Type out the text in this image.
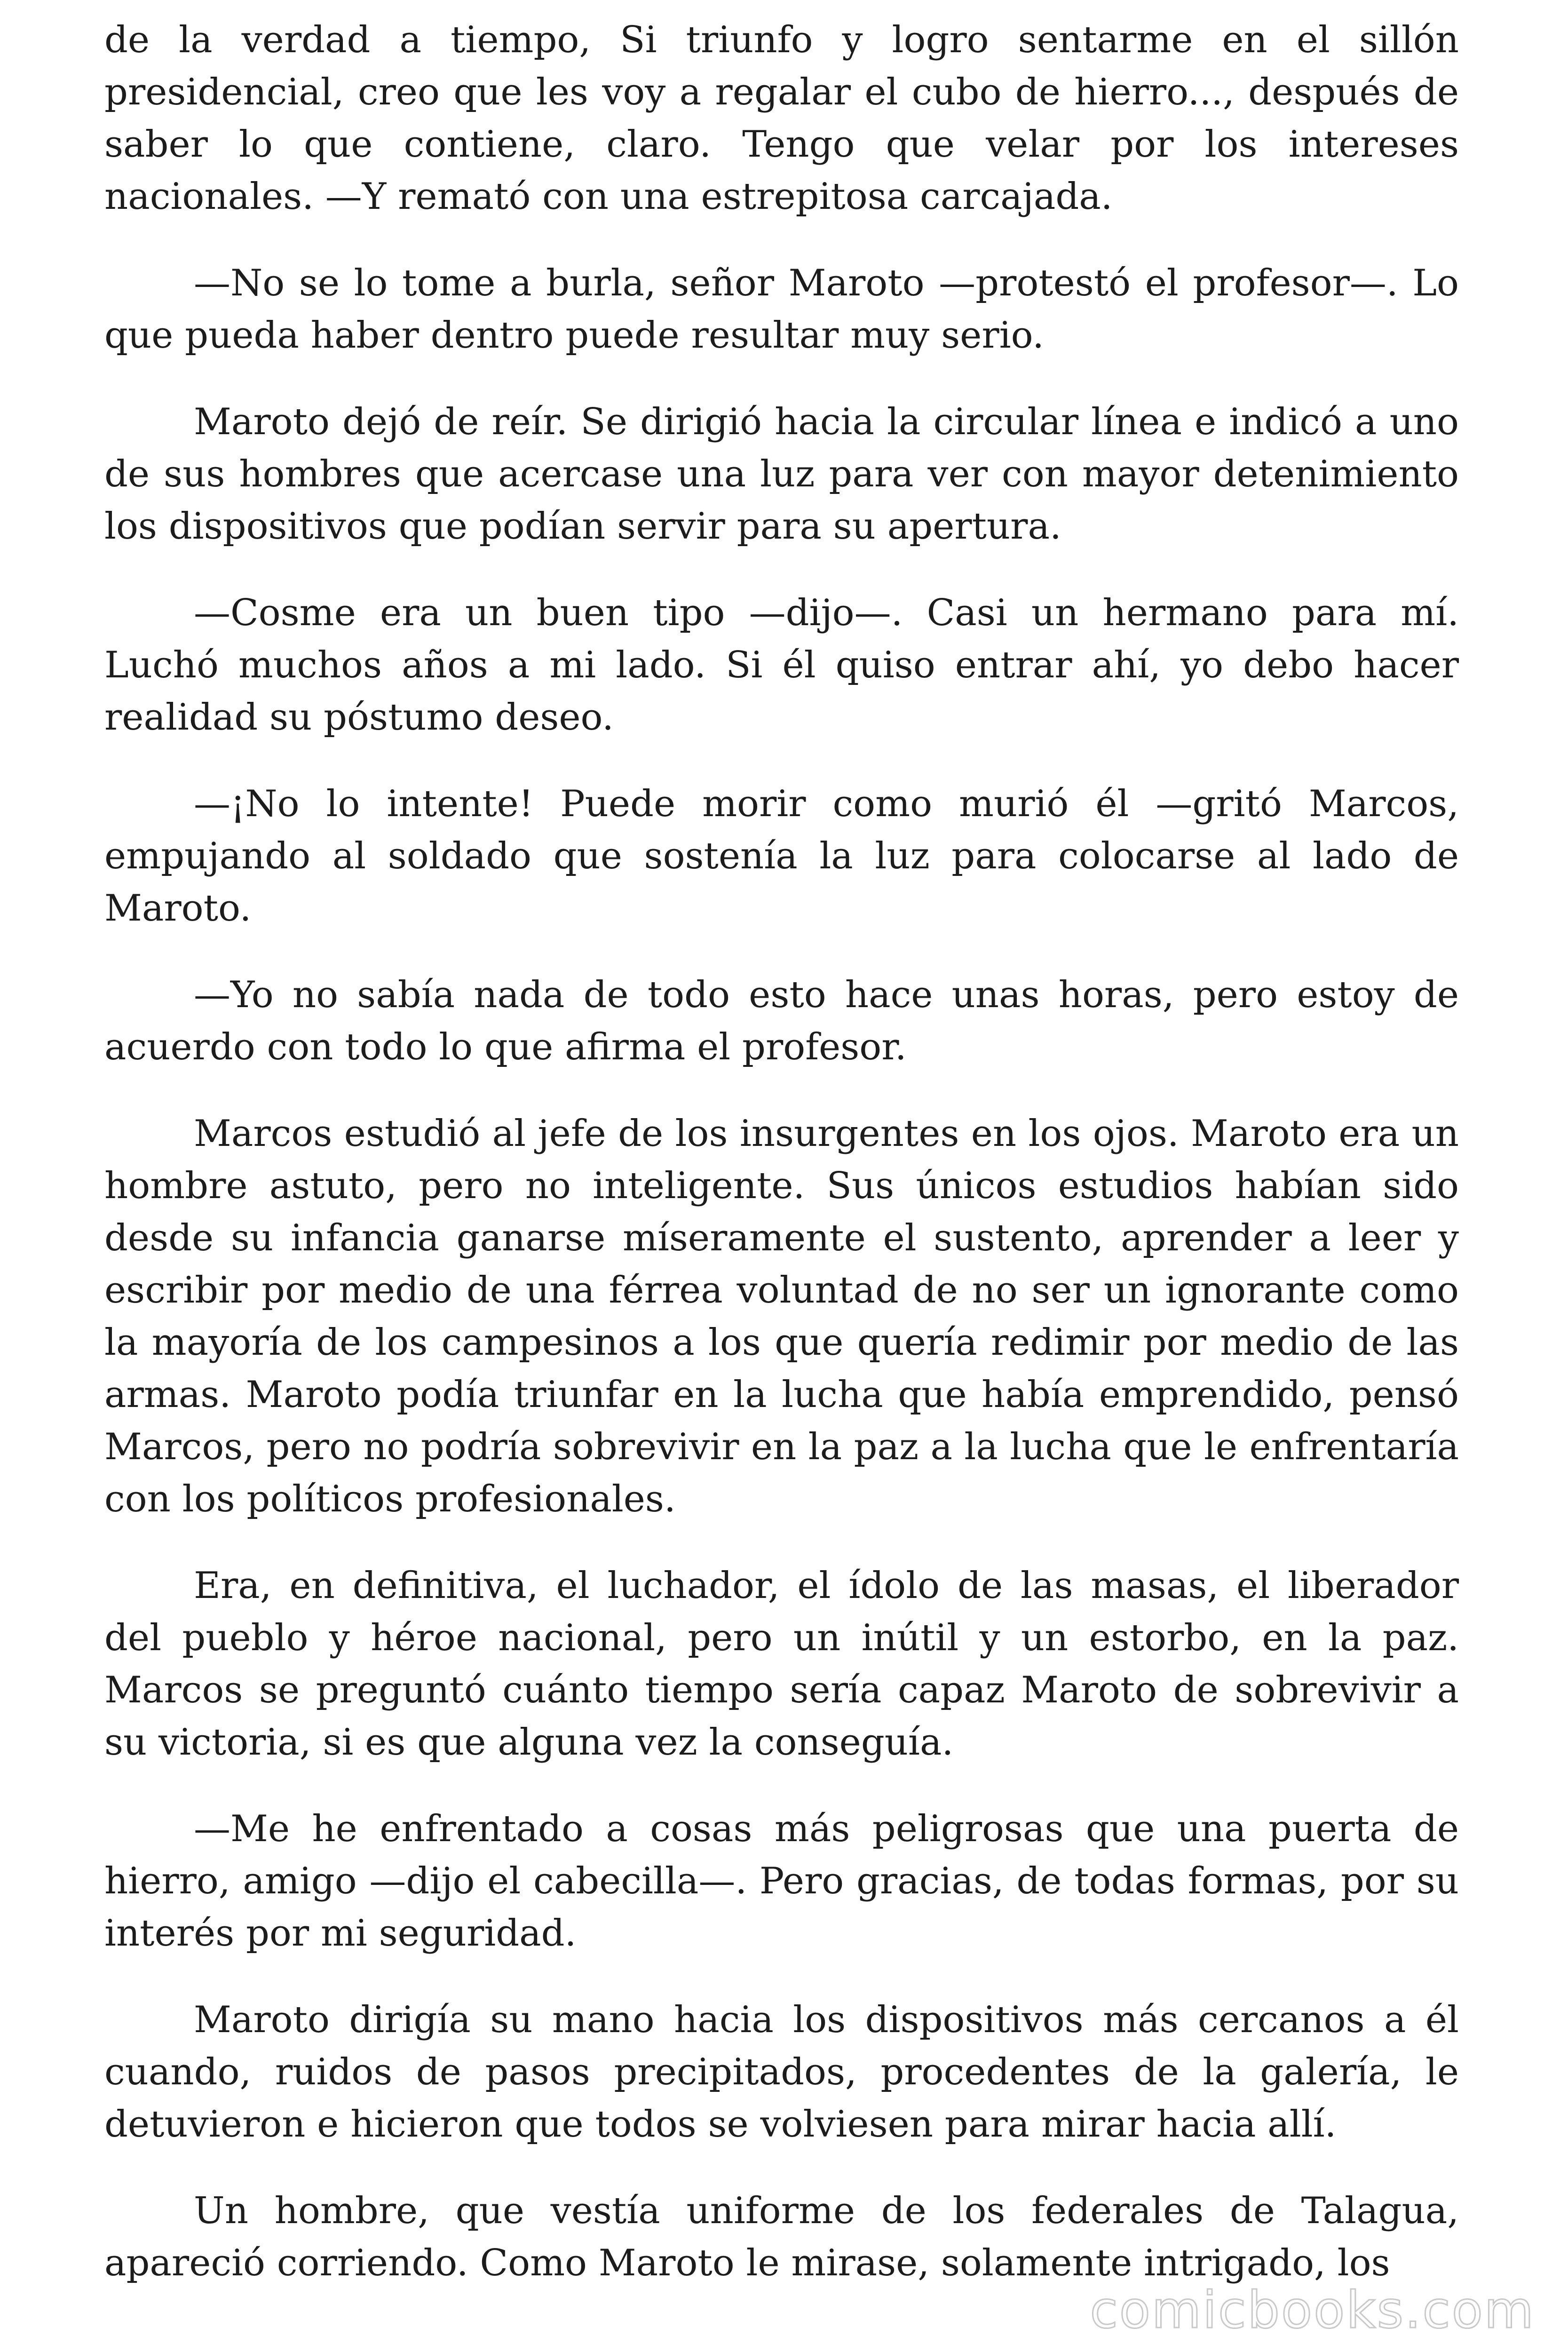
de la verdad a tiempo, Si triunfo y logro sentarme en el sillón presidencial, creo que les voy a regalar el cubo de hierro..., después de saber lo que contiene, claro. Tengo que velar por los intereses nacionales. —Y remató con una estrepitosa carcajada.

—No se lo tome a burla, señor Maroto —protestó el profesor—. Lo que pueda haber dentro puede resultar muy serio.

Maroto dejó de reír. Se dirigió hacia la circular línea e indicó a uno de sus hombres que acercase una luz para ver con mayor detenimiento los dispositivos que podían servir para su apertura.

—Cosme era un buen tipo —dijo—. Casi un hermano para mí. Luchó muchos años a mi lado. Si él quiso entrar ahí, yo debo hacer realidad su póstumo deseo.

—¡No lo intente! Puede morir como murió él —gritó Marcos, empujando al soldado que sostenía la luz para colocarse al lado de Maroto.

—Yo no sabía nada de todo esto hace unas horas, pero estoy de acuerdo con todo lo que afirma el profesor.

Marcos estudió al jefe de los insurgentes en los ojos. Maroto era un hombre astuto, pero no inteligente. Sus únicos estudios habían sido desde su infancia ganarse míseramente el sustento, aprender a leer y escribir por medio de una férrea voluntad de no ser un ignorante como la mayoría de los campesinos a los que quería redimir por medio de las armas. Maroto podía triunfar en la lucha que había emprendido, pensó Marcos, pero no podría sobrevivir en la paz a la lucha que le enfrentaría con los políticos profesionales.

Era, en definitiva, el luchador, el ídolo de las masas, el liberador del pueblo y héroe nacional, pero un inútil y un estorbo, en la paz. Marcos se preguntó cuánto tiempo sería capaz Maroto de sobrevivir a su victoria, si es que alguna vez la conseguía.

—Me he enfrentado a cosas más peligrosas que una puerta de hierro, amigo —dijo el cabecilla—. Pero gracias, de todas formas, por su interés por mi seguridad.

Maroto dirigía su mano hacia los dispositivos más cercanos a él cuando, ruidos de pasos precipitados, procedentes de la galería, le detuvieron e hicieron que todos se volviesen para mirar hacia allí.

Un hombre, que vestía uniforme de los federales de Talagua, apareció corriendo. Como Maroto le mirase, solamente intrigado, los

comicbooks.com
